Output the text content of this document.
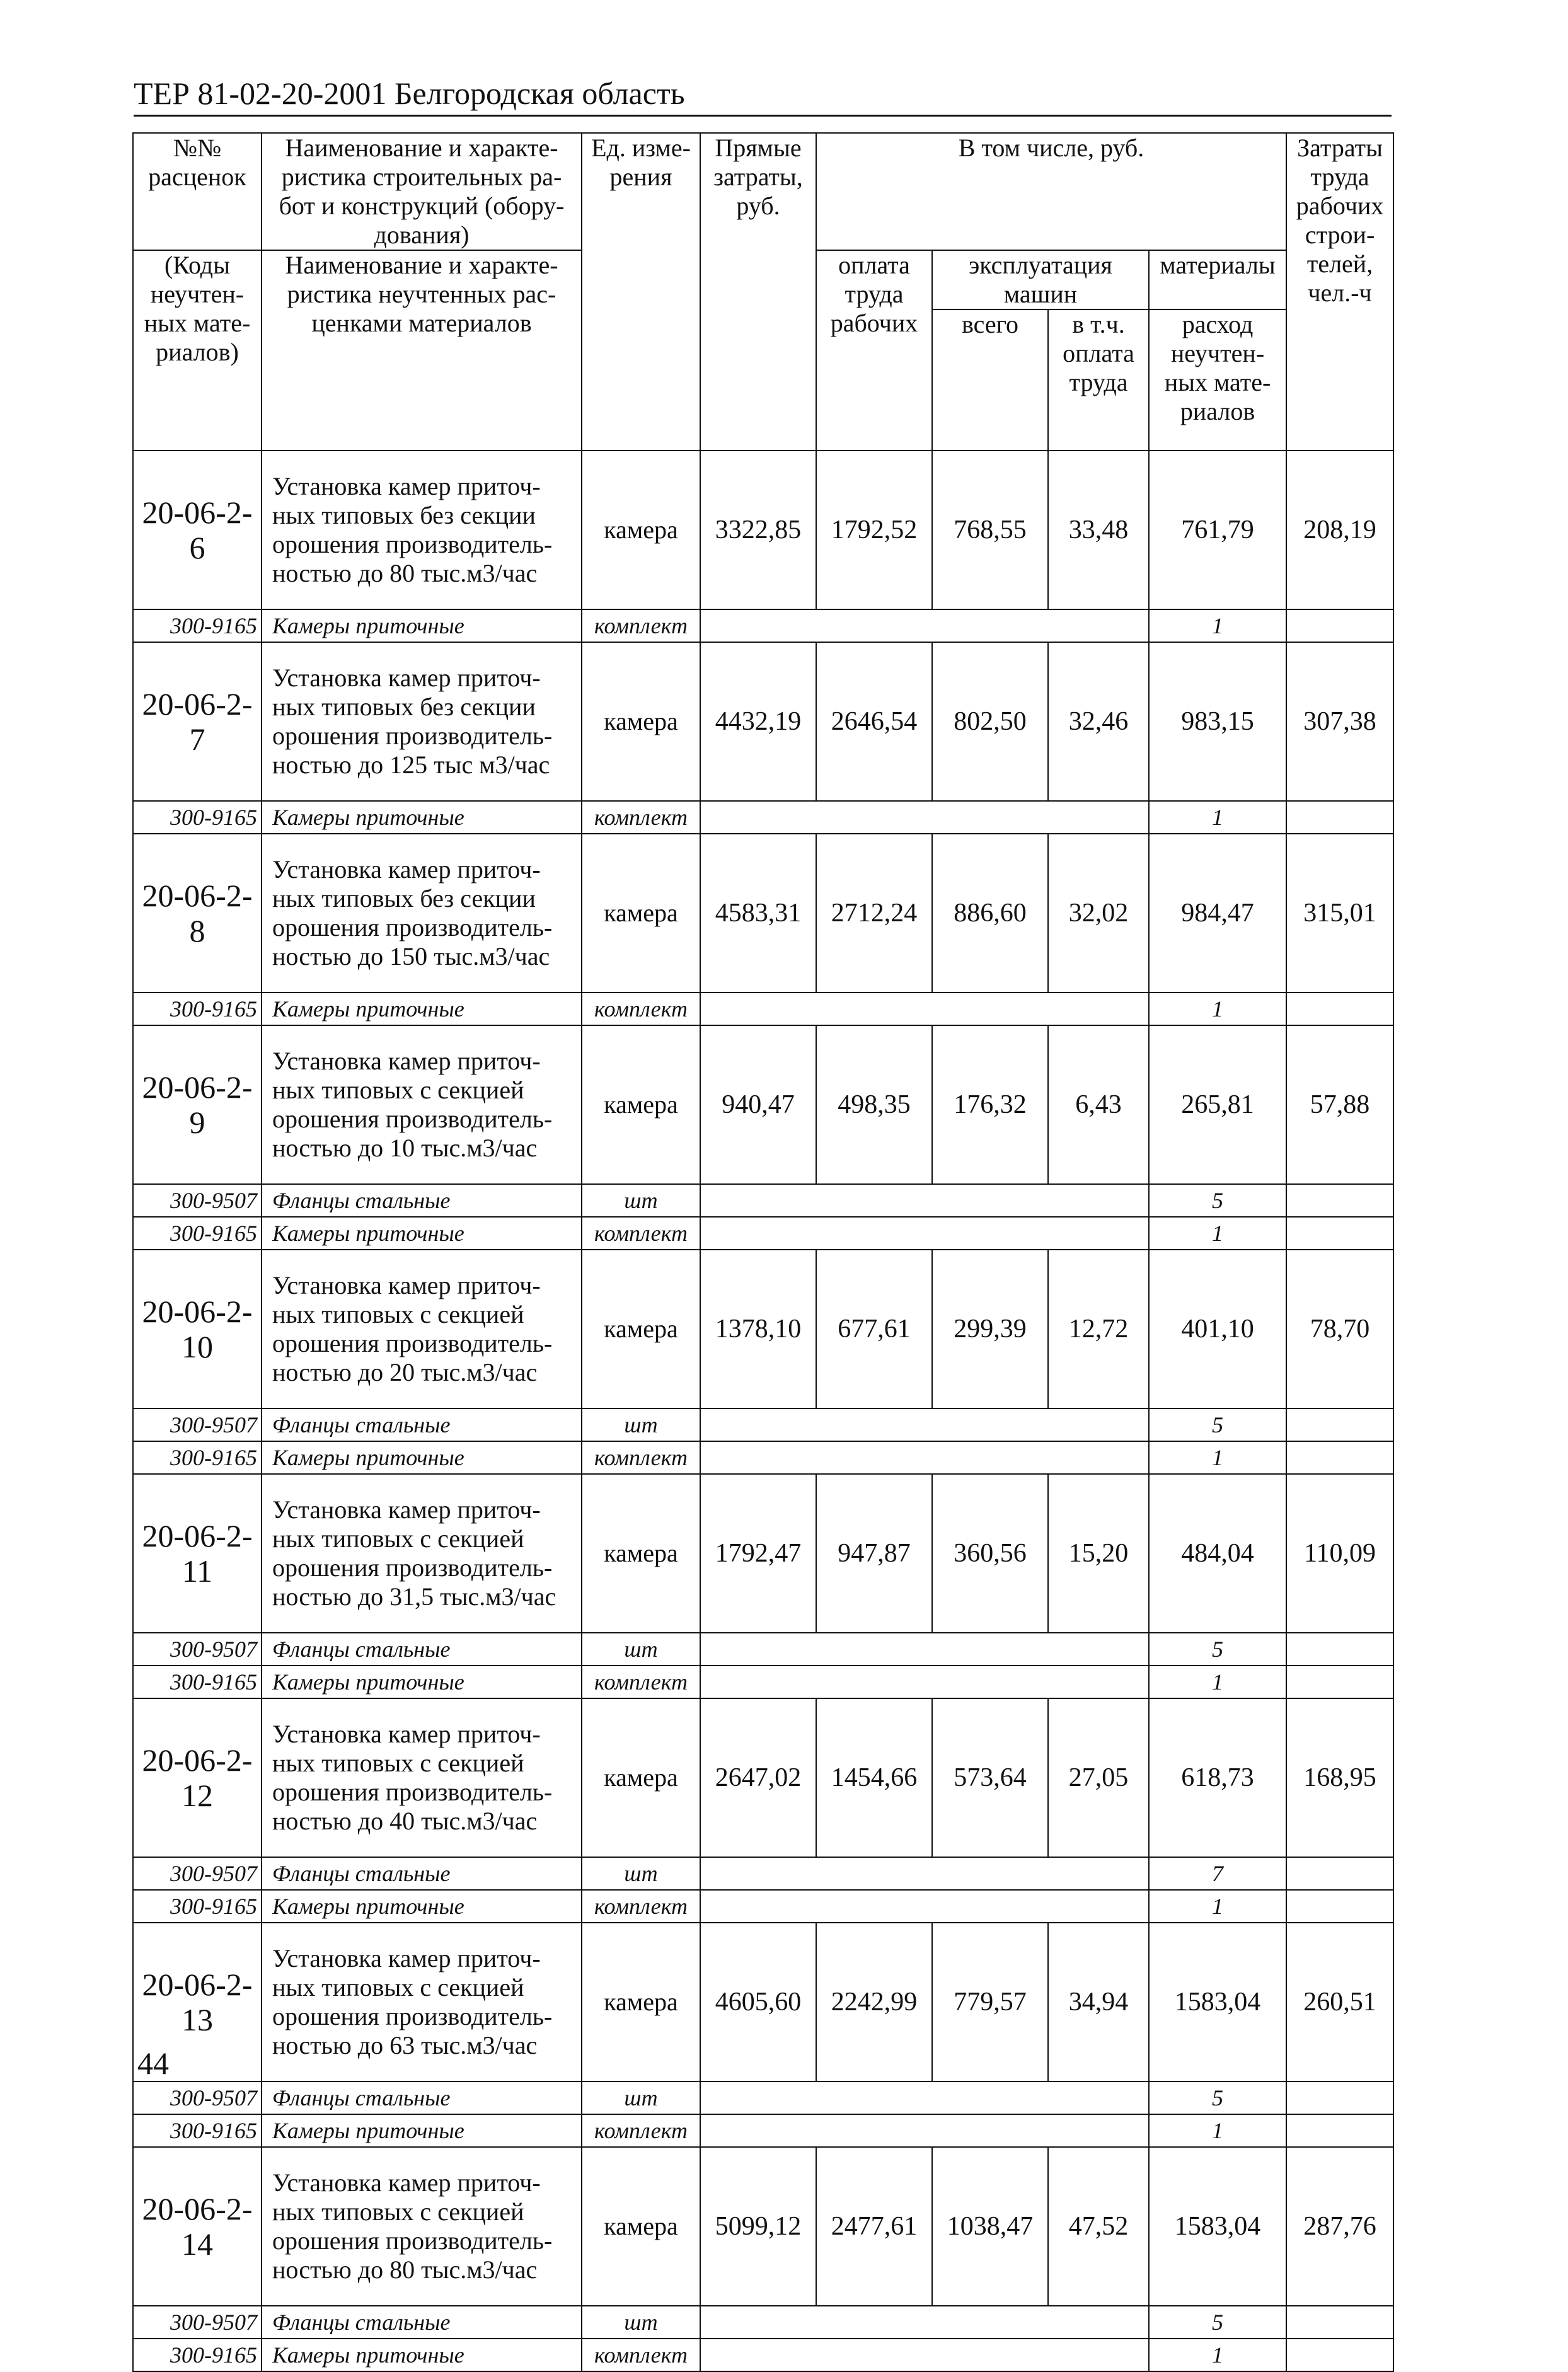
ТЕР 81-02-20-2001 Белгородская область
№№ расценок	Наименование и характе-ристика строительных ра-бот и конструкций (обору-дования)	Ед. изме-рения	Прямые затраты, руб.	В том числе, руб.				Затраты труда рабочих строи-телей, чел.-ч
(Коды неучтен-ных мате-риалов)	Наименование и характе-ристика неучтенных рас-ценками материалов			оплата труда рабочих	эксплуатация машин		материалы	
					всего	в т.ч. оплата труда	расход неучтен-ных мате-риалов	
20-06-2-6	Установка камер приточ-ных типовых без секции орошения производитель-ностью до 80 тыс.м3/час	камера	3322,85	1792,52	768,55	33,48	761,79	208,19
300-9165	Камеры приточные	комплект					1	
20-06-2-7	Установка камер приточ-ных типовых без секции орошения производитель-ностью до 125 тыс м3/час	камера	4432,19	2646,54	802,50	32,46	983,15	307,38
300-9165	Камеры приточные	комплект					1	
20-06-2-8	Установка камер приточ-ных типовых без секции орошения производитель-ностью до 150 тыс.м3/час	камера	4583,31	2712,24	886,60	32,02	984,47	315,01
300-9165	Камеры приточные	комплект					1	
20-06-2-9	Установка камер приточ-ных типовых с секцией орошения производитель-ностью до 10 тыс.м3/час	камера	940,47	498,35	176,32	6,43	265,81	57,88
300-9507	Фланцы стальные	шт					5	
300-9165	Камеры приточные	комплект					1	
20-06-2-10	Установка камер приточ-ных типовых с секцией орошения производитель-ностью до 20 тыс.м3/час	камера	1378,10	677,61	299,39	12,72	401,10	78,70
300-9507	Фланцы стальные	шт					5	
300-9165	Камеры приточные	комплект					1	
20-06-2-11	Установка камер приточ-ных типовых с секцией орошения производитель-ностью до 31,5 тыс.м3/час	камера	1792,47	947,87	360,56	15,20	484,04	110,09
300-9507	Фланцы стальные	шт					5	
300-9165	Камеры приточные	комплект					1	
20-06-2-12	Установка камер приточ-ных типовых с секцией орошения производитель-ностью до 40 тыс.м3/час	камера	2647,02	1454,66	573,64	27,05	618,73	168,95
300-9507	Фланцы стальные	шт					7	
300-9165	Камеры приточные	комплект					1	
20-06-2-13	Установка камер приточ-ных типовых с секцией орошения производитель-ностью до 63 тыс.м3/час	камера	4605,60	2242,99	779,57	34,94	1583,04	260,51
300-9507	Фланцы стальные	шт					5	
300-9165	Камеры приточные	комплект					1	
20-06-2-14	Установка камер приточ-ных типовых с секцией орошения производитель-ностью до 80 тыс.м3/час	камера	5099,12	2477,61	1038,47	47,52	1583,04	287,76
300-9507	Фланцы стальные	шт					5	
300-9165	Камеры приточные	комплект					1	
44
